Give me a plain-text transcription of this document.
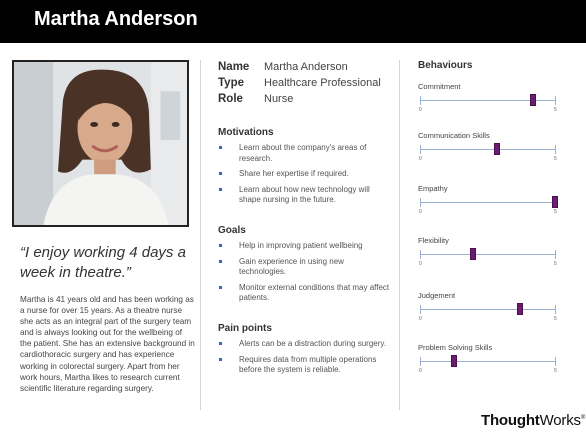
Martha Anderson
“I enjoy working 4 days a week in theatre.”
Martha is 41 years old and has been working as a nurse for over 15 years. As a theatre nurse she acts as an integral part of the surgery team and is always looking out for the wellbeing of the patient. She has an extensive background in cardiothoracic surgery and has experience working in colorectal surgery. Apart from her work hours, Martha likes to research current scientific literature regarding surgery.
Name	Martha Anderson
Type	Healthcare Professional
Role	Nurse
Motivations
Learn about the company's areas of research.
Share her expertise if required.
Learn about how new technology will shape nursing in the future.
Goals
Help in improving patient wellbeing
Gain experience in using new technologies.
Monitor external conditions that may affect patients.
Pain points
Alerts can be a distraction during surgery.
Requires data from multiple operations before the system is reliable.
Behaviours
Commitment
0	5
Communication Skills
0	5
Empathy
0	5
Flexibility
0	5
Judgement
0	5
Problem Solving Skills
0	5
ThoughtWorks®
